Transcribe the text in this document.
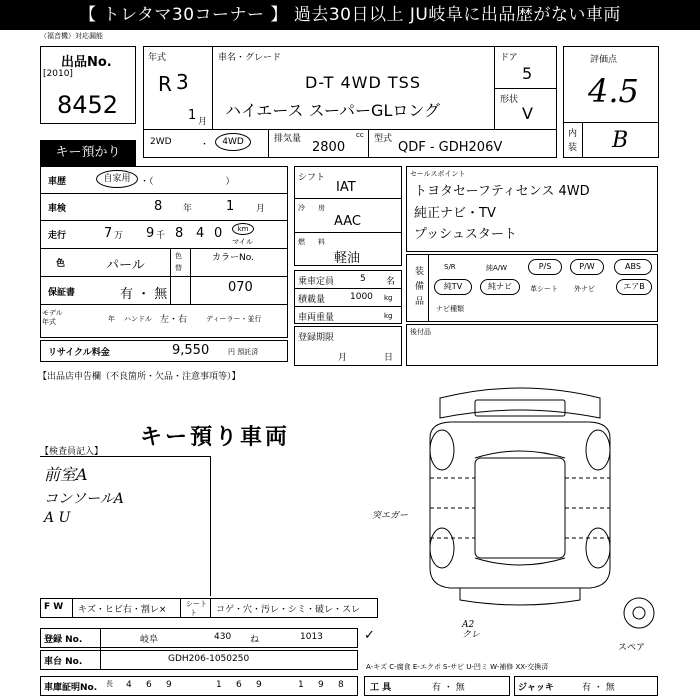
【 トレタマ30コーナー 】 過去30日以上 JU岐阜に出品歴がない車両
（福音機）対応漏能
出品No.
[2010]
8452
キー預かり
年式
R 3
1 月
車名・グレード
D-T 4WD TSS
ハイエース スーパーGLロング
ドア
5
形状
V
2WD	・	4WD	排気量	cc
2800
型式
QDF - GDH206V
評価点
4.5
内
装 B
車歴	自家用	・（　　　　　　　　）
車検	8 年	1 月
走行	7 万 9 千 8 4 0	km
マイル
色	パール
色
替
カラーNo.
070
保証書	有 ・ 無
モデル
年式	年 ハンドル 左・右	ディーラー・並行
リサイクル料金	9,550	円 預託済
シフト
IAT
冷 房
AAC
燃 料
軽油
乗車定員	5 名
積載量	1000 kg
車両重量	kg
登録期限
月	日
セールスポイント
トヨタセーフティセンス 4WD
純正ナビ・TV
プッシュスタート
装備品	S/R	純A/W	P/S	P/W	ABS
純TV	純ナビ	革シート 外ナビ	エアB
ナビ種類
後付品
【出品店申告欄（不良箇所・欠品・注意事項等）】
キー預り車両
【検査員記入】
前室A
コンソールA
A U	突エガー
A2
クレ
スペア
F W キズ・ヒビ右・割レ×
シート
ト コゲ・穴・汚レ・シミ・破レ・スレ
登録 No.	岐阜	430 ね	1013	✓
車台 No.	GDH206-1050250
A-キズ C-腐食 E-エクボ S-サビ U-凹ミ W-補修 XX-交換済
車庫証明No. 長 4 6 9	1 6 9	1 9 8	工 具	有 ・ 無	ジャッキ	有 ・ 無
